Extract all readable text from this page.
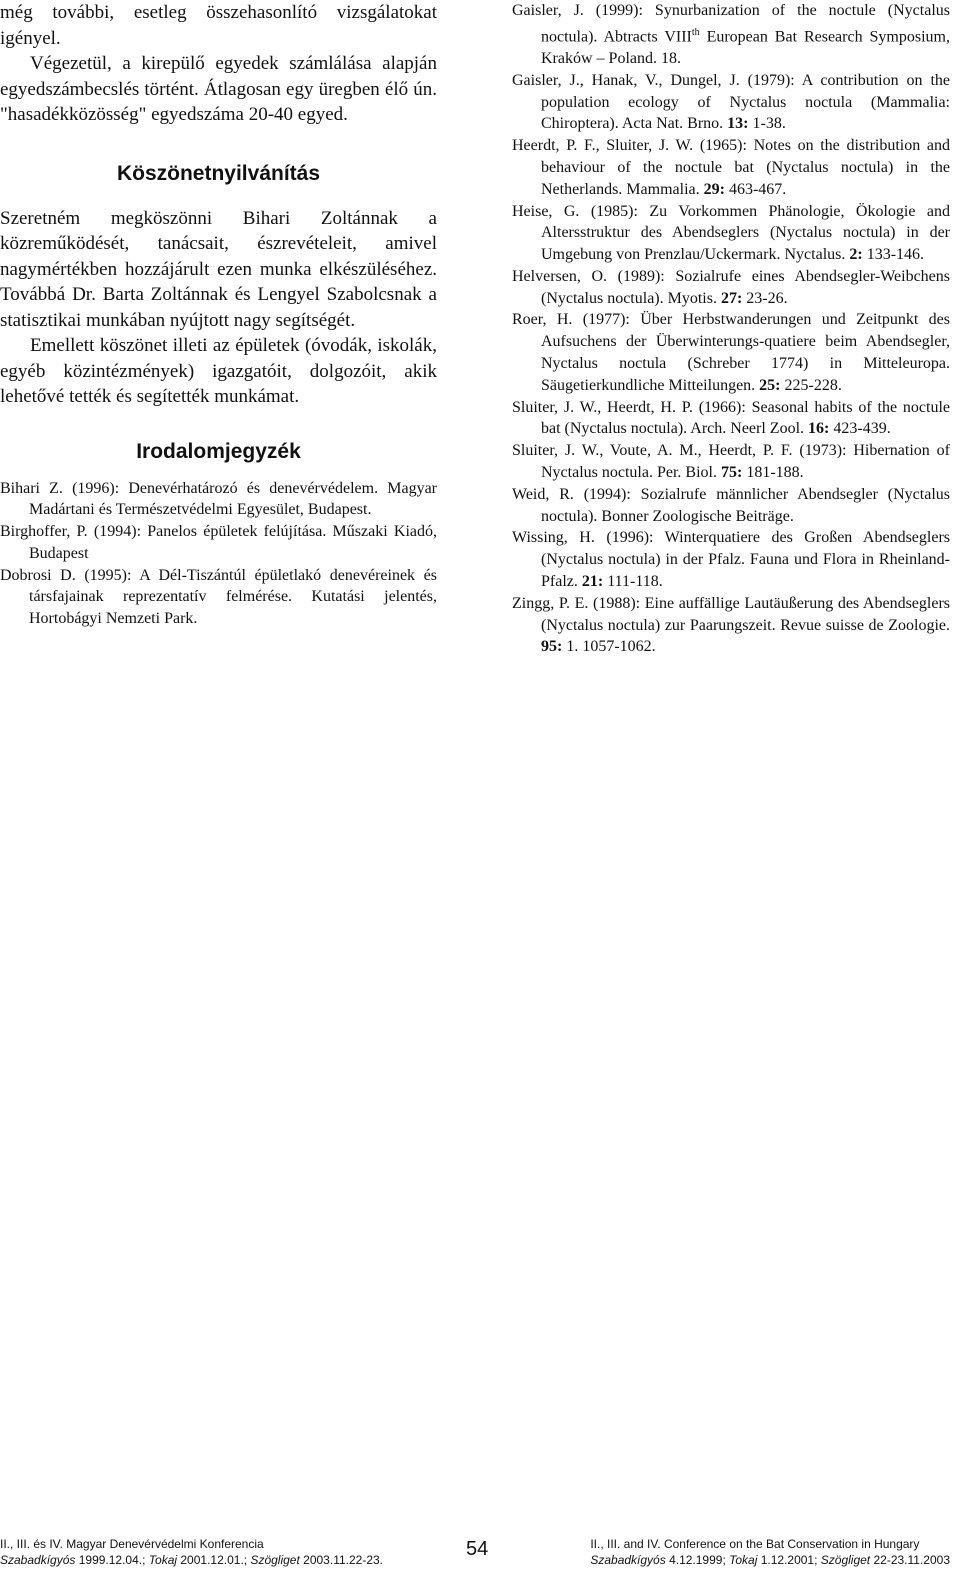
még további, esetleg összehasonlító vizsgálatokat igényel.

Végezetül, a kirepülő egyedek számlálása alapján egyedszámbecslés történt. Átlagosan egy üregben élő ún. "hasadékközösség" egyedszáma 20-40 egyed.

Köszönetnyilvánítás

Szeretném megköszönni Bihari Zoltánnak a közreműködését, tanácsait, észrevételeit, amivel nagymértékben hozzájárult ezen munka elkészüléséhez. Továbbá Dr. Barta Zoltánnak és Lengyel Szabolcsnak a statisztikai munkában nyújtott nagy segítségét.

Emellett köszönet illeti az épületek (óvodák, iskolák, egyéb közintézmények) igazgatóit, dolgozóit, akik lehetővé tették és segítették munkámat.

Irodalomjegyzék

Bihari Z. (1996): Denevérhatározó és denevérvédelem. Magyar Madártani és Természetvédelmi Egyesület, Budapest.

Birghoffer, P. (1994): Panelos épületek felújítása. Műszaki Kiadó, Budapest

Dobrosi D. (1995): A Dél-Tiszántúl épületlakó denevéreinek és társfajainak reprezentatív felmérése. Kutatási jelentés, Hortobágyi Nemzeti Park.

Gaisler, J. (1999): Synurbanization of the noctule (Nyctalus noctula). Abtracts VIIIth European Bat Research Symposium, Kraków – Poland. 18.

Gaisler, J., Hanak, V., Dungel, J. (1979): A contribution on the population ecology of Nyctalus noctula (Mammalia: Chiroptera). Acta Nat. Brno. 13: 1-38.

Heerdt, P. F., Sluiter, J. W. (1965): Notes on the distribution and behaviour of the noctule bat (Nyctalus noctula) in the Netherlands. Mammalia. 29: 463-467.

Heise, G. (1985): Zu Vorkommen Phänologie, Ökologie and Altersstruktur des Abendseglers (Nyctalus noctula) in der Umgebung von Prenzlau/Uckermark. Nyctalus. 2: 133-146.

Helversen, O. (1989): Sozialrufe eines Abendsegler-Weibchens (Nyctalus noctula). Myotis. 27: 23-26.

Roer, H. (1977): Über Herbstwanderungen und Zeitpunkt des Aufsuchens der Überwinterungs-quatiere beim Abendsegler, Nyctalus noctula (Schreber 1774) in Mitteleuropa. Säugetierkundliche Mitteilungen. 25: 225-228.

Sluiter, J. W., Heerdt, H. P. (1966): Seasonal habits of the noctule bat (Nyctalus noctula). Arch. Neerl Zool. 16: 423-439.

Sluiter, J. W., Voute, A. M., Heerdt, P. F. (1973): Hibernation of Nyctalus noctula. Per. Biol. 75: 181-188.

Weid, R. (1994): Sozialrufe männlicher Abendsegler (Nyctalus noctula). Bonner Zoologische Beiträge.

Wissing, H. (1996): Winterquatiere des Großen Abendseglers (Nyctalus noctula) in der Pfalz. Fauna und Flora in Rheinland-Pfalz. 21: 111-118.

Zingg, P. E. (1988): Eine auffällige Lautäußerung des Abendseglers (Nyctalus noctula) zur Paarungszeit. Revue suisse de Zoologie. 95: 1. 1057-1062.

II., III. és IV. Magyar Denevérvédelmi Konferencia
Szabadkígyós 1999.12.04.; Tokaj 2001.12.01.; Szögliget 2003.11.22-23.	54	II., III. and IV. Conference on the Bat Conservation in Hungary
Szabadkígyós 4.12.1999; Tokaj 1.12.2001; Szögliget 22-23.11.2003
